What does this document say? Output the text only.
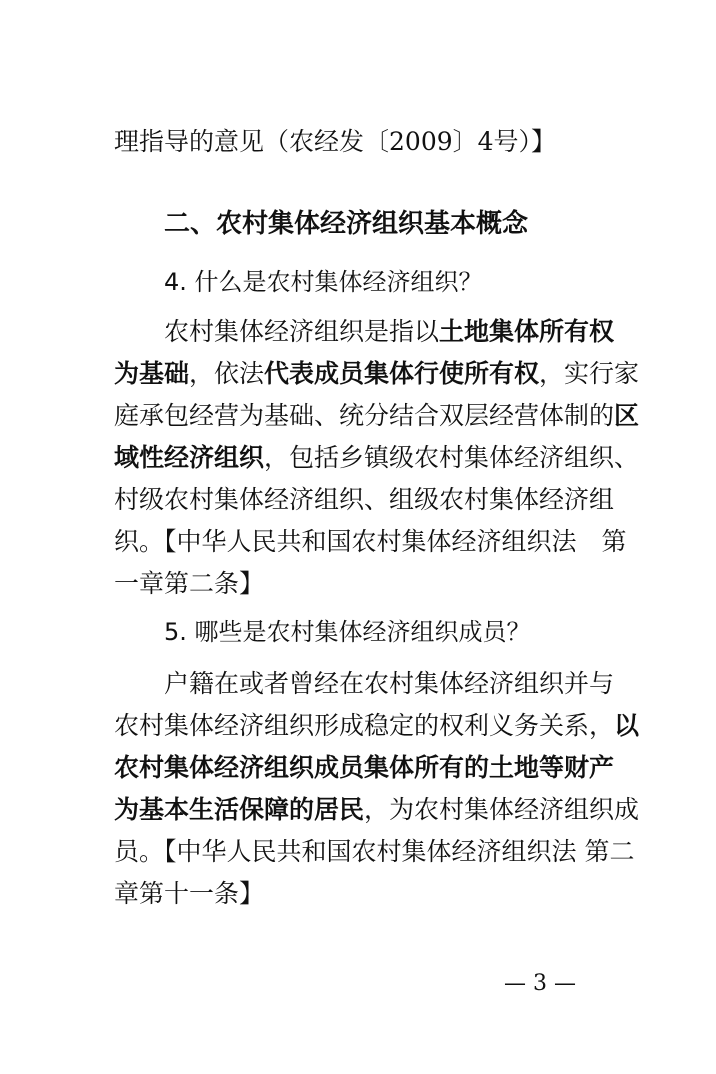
理指导的意见（农经发〔2009〕4号）】
二、农村集体经济组织基本概念
4. 什么是农村集体经济组织？
农村集体经济组织是指以土地集体所有权
为基础，依法代表成员集体行使所有权，实行家
庭承包经营为基础、统分结合双层经营体制的区
域性经济组织，包括乡镇级农村集体经济组织、
村级农村集体经济组织、组级农村集体经济组
织。【中华人民共和国农村集体经济组织法　第
一章第二条】
5. 哪些是农村集体经济组织成员？
户籍在或者曾经在农村集体经济组织并与
农村集体经济组织形成稳定的权利义务关系，以
农村集体经济组织成员集体所有的土地等财产
为基本生活保障的居民，为农村集体经济组织成
员。【中华人民共和国农村集体经济组织法 第二
章第十一条】
— 3 —
